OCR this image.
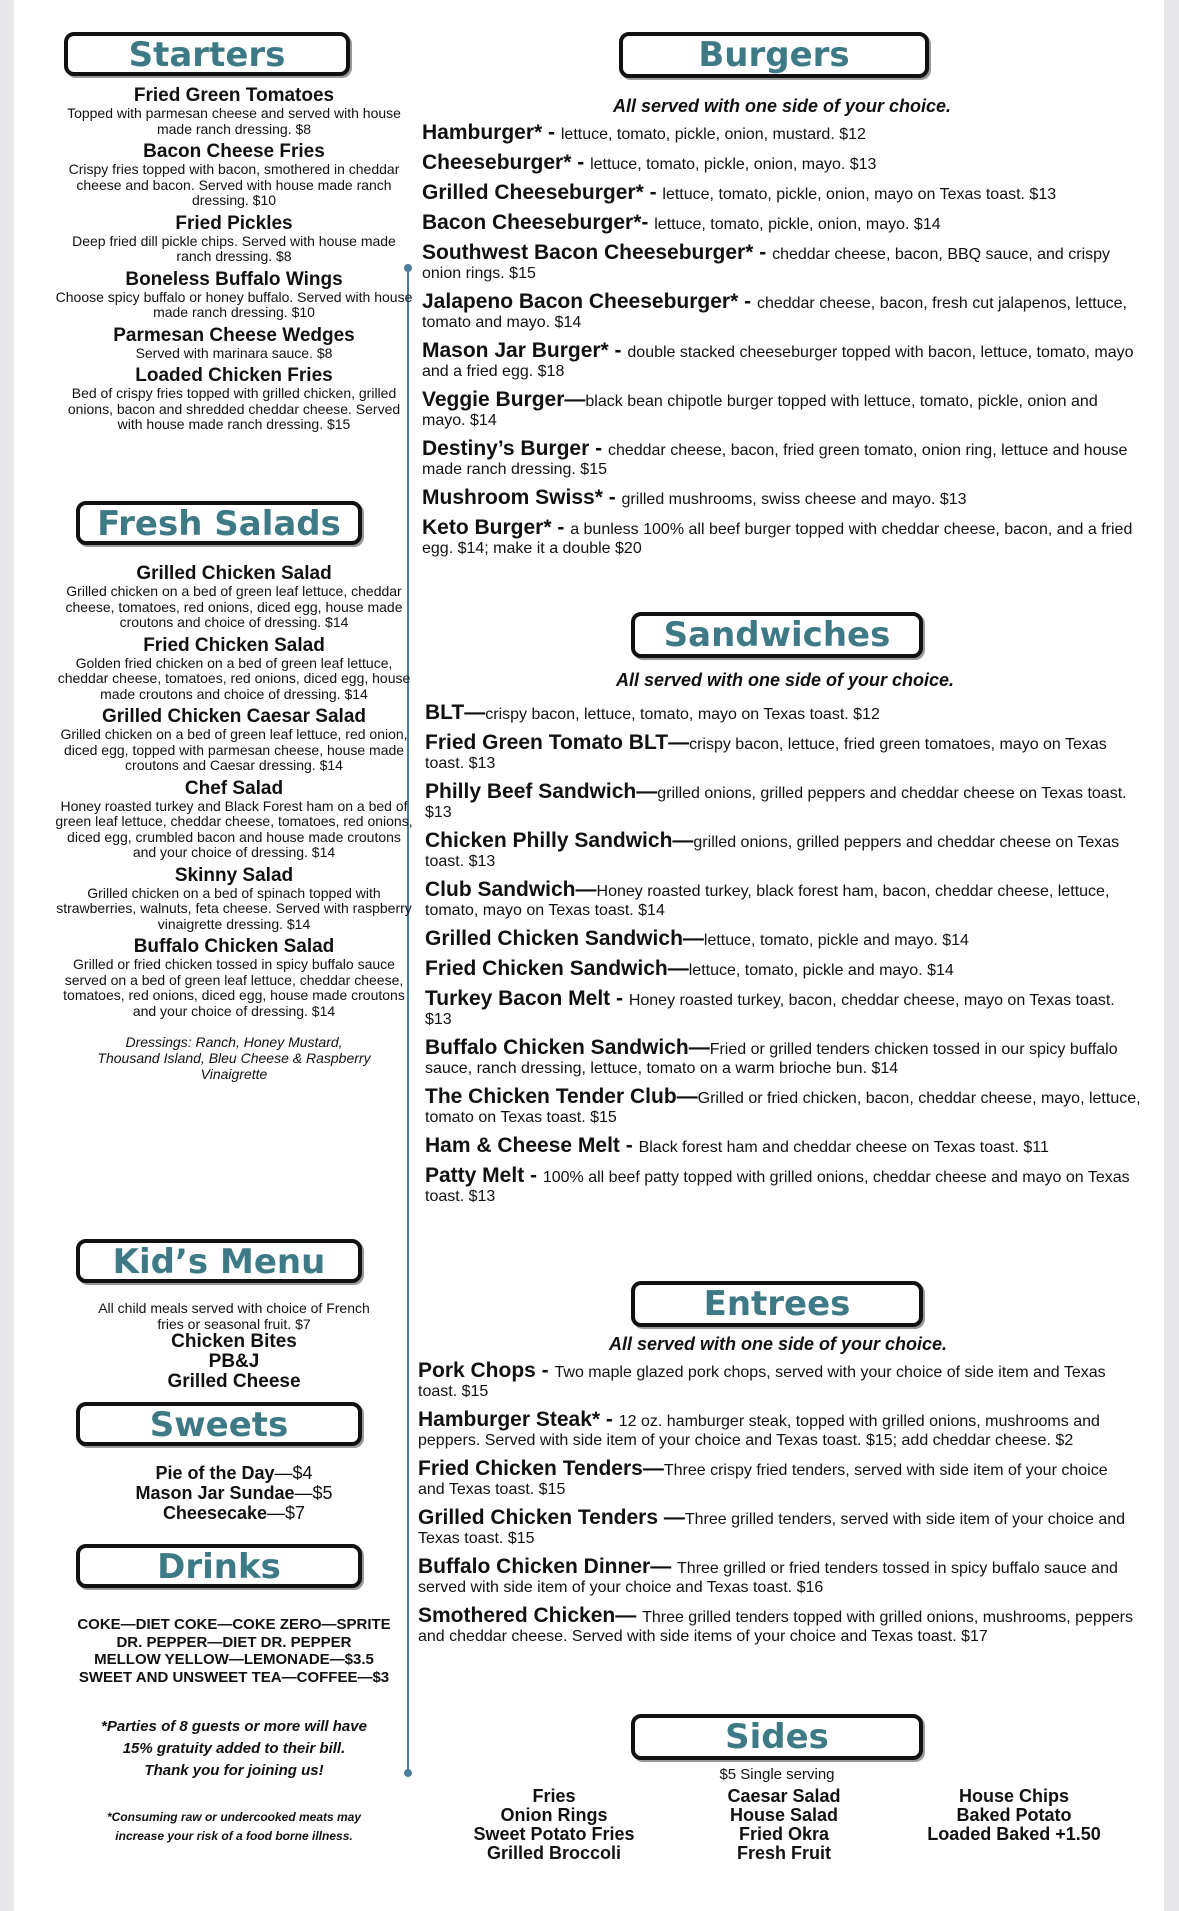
Starters
Fried Green Tomatoes
Topped with parmesan cheese and served with house made ranch dressing. $8
Bacon Cheese Fries
Crispy fries topped with bacon, smothered in cheddar cheese and bacon. Served with house made ranch dressing. $10
Fried Pickles
Deep fried dill pickle chips. Served with house made ranch dressing. $8
Boneless Buffalo Wings
Choose spicy buffalo or honey buffalo. Served with house made ranch dressing. $10
Parmesan Cheese Wedges
Served with marinara sauce. $8
Loaded Chicken Fries
Bed of crispy fries topped with grilled chicken, grilled onions, bacon and shredded cheddar cheese. Served with house made ranch dressing. $15
Fresh Salads
Grilled Chicken Salad
Grilled chicken on a bed of green leaf lettuce, cheddar cheese, tomatoes, red onions, diced egg, house made croutons and choice of dressing. $14
Fried Chicken Salad
Golden fried chicken on a bed of green leaf lettuce, cheddar cheese, tomatoes, red onions, diced egg, house made croutons and choice of dressing. $14
Grilled Chicken Caesar Salad
Grilled chicken on a bed of green leaf lettuce, red onion, diced egg, topped with parmesan cheese, house made croutons and Caesar dressing. $14
Chef Salad
Honey roasted turkey and Black Forest ham on a bed of green leaf lettuce, cheddar cheese, tomatoes, red onions, diced egg, crumbled bacon and house made croutons and your choice of dressing. $14
Skinny Salad
Grilled chicken on a bed of spinach topped with strawberries, walnuts, feta cheese. Served with raspberry vinaigrette dressing. $14
Buffalo Chicken Salad
Grilled or fried chicken tossed in spicy buffalo sauce served on a bed of green leaf lettuce, cheddar cheese, tomatoes, red onions, diced egg, house made croutons and your choice of dressing. $14
Dressings: Ranch, Honey Mustard, Thousand Island, Bleu Cheese & Raspberry Vinaigrette
Kid’s Menu
All child meals served with choice of French fries or seasonal fruit. $7
Chicken Bites
PB&J
Grilled Cheese
Sweets
Pie of the Day—$4
Mason Jar Sundae—$5
Cheesecake—$7
Drinks
COKE—DIET COKE—COKE ZERO—SPRITE
DR. PEPPER—DIET DR. PEPPER
MELLOW YELLOW—LEMONADE—$3.5
SWEET AND UNSWEET TEA—COFFEE—$3
*Parties of 8 guests or more will have
15% gratuity added to their bill.
Thank you for joining us!
*Consuming raw or undercooked meats may
increase your risk of a food borne illness.
Burgers
All served with one side of your choice.
Hamburger* - lettuce, tomato, pickle, onion, mustard. $12
Cheeseburger* - lettuce, tomato, pickle, onion, mayo. $13
Grilled Cheeseburger* - lettuce, tomato, pickle, onion, mayo on Texas toast. $13
Bacon Cheeseburger*- lettuce, tomato, pickle, onion, mayo. $14
Southwest Bacon Cheeseburger* - cheddar cheese, bacon, BBQ sauce, and crispy onion rings. $15
Jalapeno Bacon Cheeseburger* - cheddar cheese, bacon, fresh cut jalapenos, lettuce, tomato and mayo. $14
Mason Jar Burger* - double stacked cheeseburger topped with bacon, lettuce, tomato, mayo and a fried egg. $18
Veggie Burger—black bean chipotle burger topped with lettuce, tomato, pickle, onion and mayo. $14
Destiny’s Burger - cheddar cheese, bacon, fried green tomato, onion ring, lettuce and house made ranch dressing. $15
Mushroom Swiss* - grilled mushrooms, swiss cheese and mayo. $13
Keto Burger* - a bunless 100% all beef burger topped with cheddar cheese, bacon, and a fried egg. $14; make it a double $20
Sandwiches
All served with one side of your choice.
BLT—crispy bacon, lettuce, tomato, mayo on Texas toast. $12
Fried Green Tomato BLT—crispy bacon, lettuce, fried green tomatoes, mayo on Texas toast. $13
Philly Beef Sandwich—grilled onions, grilled peppers and cheddar cheese on Texas toast. $13
Chicken Philly Sandwich—grilled onions, grilled peppers and cheddar cheese on Texas toast. $13
Club Sandwich—Honey roasted turkey, black forest ham, bacon, cheddar cheese, lettuce, tomato, mayo on Texas toast. $14
Grilled Chicken Sandwich—lettuce, tomato, pickle and mayo. $14
Fried Chicken Sandwich—lettuce, tomato, pickle and mayo. $14
Turkey Bacon Melt - Honey roasted turkey, bacon, cheddar cheese, mayo on Texas toast. $13
Buffalo Chicken Sandwich—Fried or grilled tenders chicken tossed in our spicy buffalo sauce, ranch dressing, lettuce, tomato on a warm brioche bun. $14
The Chicken Tender Club—Grilled or fried chicken, bacon, cheddar cheese, mayo, lettuce, tomato on Texas toast. $15
Ham & Cheese Melt - Black forest ham and cheddar cheese on Texas toast. $11
Patty Melt - 100% all beef patty topped with grilled onions, cheddar cheese and mayo on Texas toast. $13
Entrees
All served with one side of your choice.
Pork Chops - Two maple glazed pork chops, served with your choice of side item and Texas toast. $15
Hamburger Steak* - 12 oz. hamburger steak, topped with grilled onions, mushrooms and peppers. Served with side item of your choice and Texas toast. $15; add cheddar cheese. $2
Fried Chicken Tenders—Three crispy fried tenders, served with side item of your choice and Texas toast. $15
Grilled Chicken Tenders —Three grilled tenders, served with side item of your choice and Texas toast. $15
Buffalo Chicken Dinner— Three grilled or fried tenders tossed in spicy buffalo sauce and served with side item of your choice and Texas toast. $16
Smothered Chicken— Three grilled tenders topped with grilled onions, mushrooms, peppers and cheddar cheese. Served with side items of your choice and Texas toast. $17
Sides
$5 Single serving
Fries
Onion Rings
Sweet Potato Fries
Grilled Broccoli
Caesar Salad
House Salad
Fried Okra
Fresh Fruit
House Chips
Baked Potato
Loaded Baked +1.50
